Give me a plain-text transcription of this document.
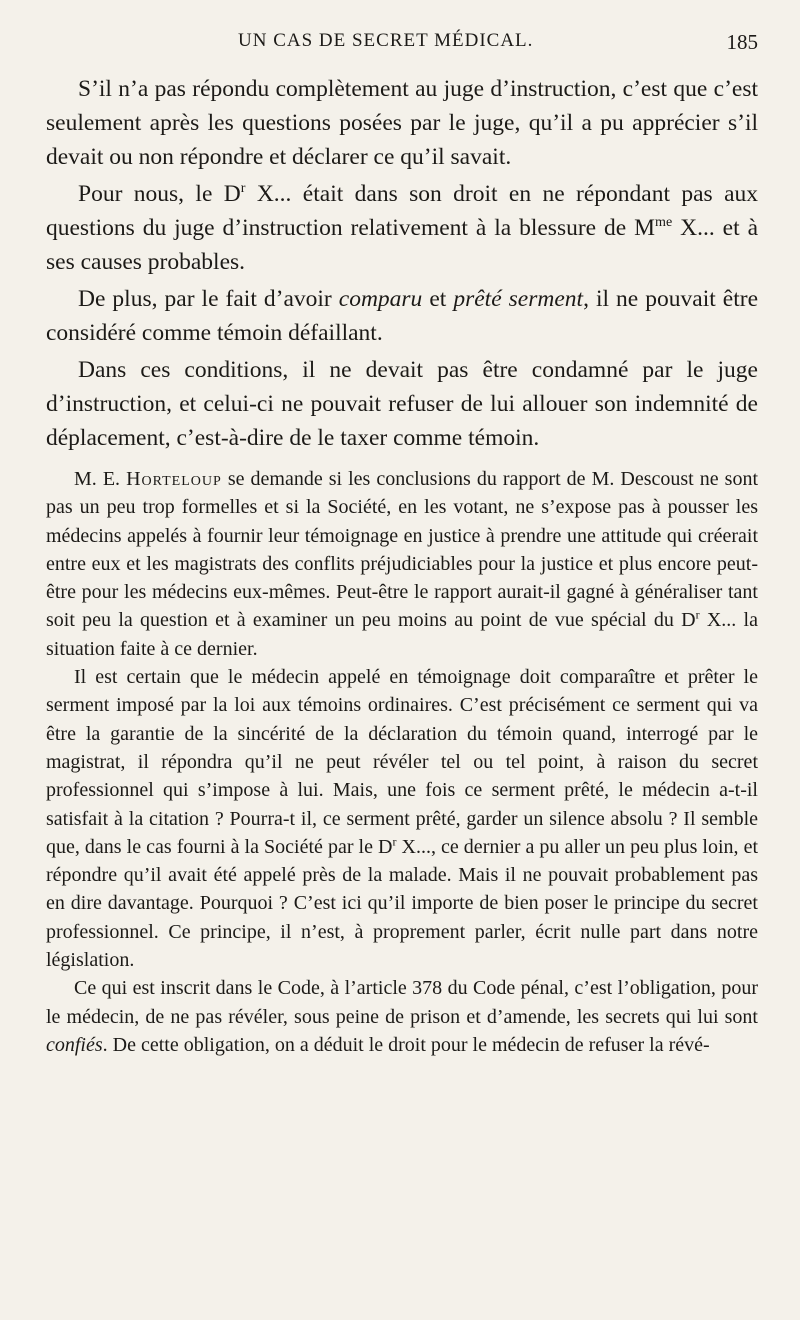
UN CAS DE SECRET MÉDICAL.	185

S’il n’a pas répondu complètement au juge d’instruction, c’est que c’est seulement après les questions posées par le juge, qu’il a pu apprécier s’il devait ou non répondre et déclarer ce qu’il savait.

Pour nous, le $D^r$ X... était dans son droit en ne répondant pas aux questions du juge d’instruction relativement à la blessure de $M^{me}$ X... et à ses causes probables.

De plus, par le fait d’avoir comparu et prêté serment, il ne pouvait être considéré comme témoin défaillant.

Dans ces conditions, il ne devait pas être condamné par le juge d’instruction, et celui-ci ne pouvait refuser de lui allouer son indemnité de déplacement, c’est-à-dire de le taxer comme témoin.

M. E. Horteloup se demande si les conclusions du rapport de M. Descoust ne sont pas un peu trop formelles et si la Société, en les votant, ne s’expose pas à pousser les médecins appelés à fournir leur témoignage en justice à prendre une attitude qui créerait entre eux et les magistrats des conflits préjudiciables pour la justice et plus encore peut-être pour les médecins eux-mêmes. Peut-être le rapport aurait-il gagné à généraliser tant soit peu la question et à examiner un peu moins au point de vue spécial du $D^r$ X... la situation faite à ce dernier.

Il est certain que le médecin appelé en témoignage doit comparaître et prêter le serment imposé par la loi aux témoins ordinaires. C’est précisément ce serment qui va être la garantie de la sincérité de la déclaration du témoin quand, interrogé par le magistrat, il répondra qu’il ne peut révéler tel ou tel point, à raison du secret professionnel qui s’impose à lui. Mais, une fois ce serment prêté, le médecin a-t-il satisfait à la citation ? Pourra-t il, ce serment prêté, garder un silence absolu ? Il semble que, dans le cas fourni à la Société par le $D^r$ X..., ce dernier a pu aller un peu plus loin, et répondre qu’il avait été appelé près de la malade. Mais il ne pouvait probablement pas en dire davantage. Pourquoi ? C’est ici qu’il importe de bien poser le principe du secret professionnel. Ce principe, il n’est, à proprement parler, écrit nulle part dans notre législation.

Ce qui est inscrit dans le Code, à l’article 378 du Code pénal, c’est l’obligation, pour le médecin, de ne pas révéler, sous peine de prison et d’amende, les secrets qui lui sont confiés. De cette obligation, on a déduit le droit pour le médecin de refuser la révé-
